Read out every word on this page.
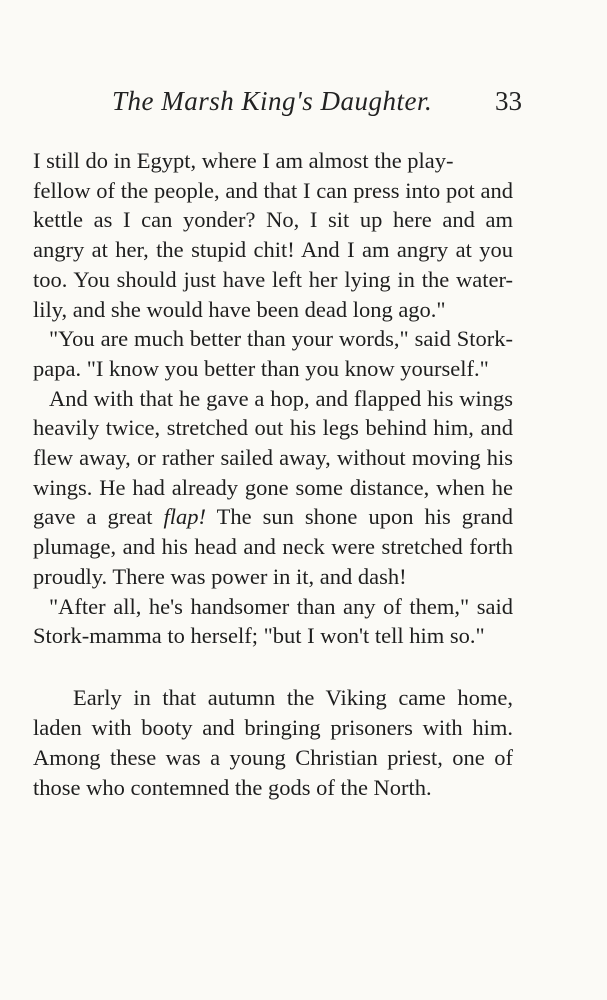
The Marsh King's Daughter. 33

I still do in Egypt, where I am almost the play-
fellow of the people, and that I can press into pot and kettle as I can yonder? No, I sit up here and am angry at her, the stupid chit! And I am angry at you too. You should just have left her lying in the water-lily, and she would have been dead long ago."

"You are much better than your words," said Stork-papa. "I know you better than you know yourself."

And with that he gave a hop, and flapped his wings heavily twice, stretched out his legs behind him, and flew away, or rather sailed away, without moving his wings. He had already gone some distance, when he gave a great flap! The sun shone upon his grand plumage, and his head and neck were stretched forth proudly. There was power in it, and dash!

"After all, he's handsomer than any of them," said Stork-mamma to herself; "but I won't tell him so."

Early in that autumn the Viking came home, laden with booty and bringing prisoners with him. Among these was a young Christian priest, one of those who contemned the gods of the North.
